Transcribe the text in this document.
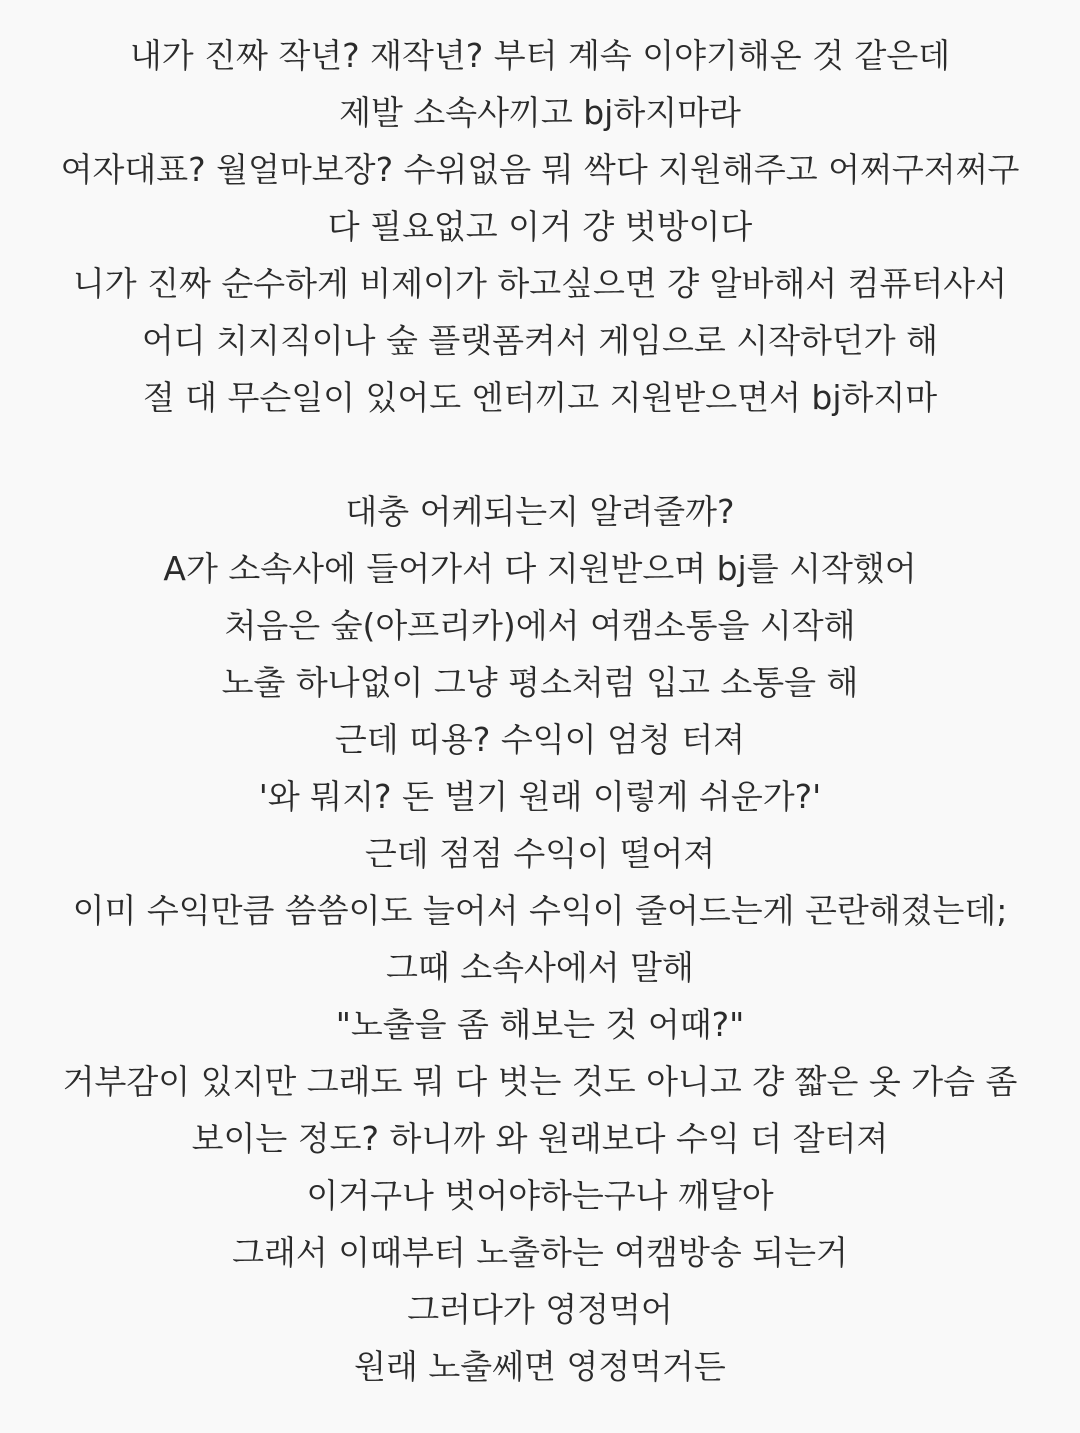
내가 진짜 작년? 재작년? 부터 계속 이야기해온 것 같은데
제발 소속사끼고 bj하지마라
여자대표? 월얼마보장? 수위없음 뭐 싹다 지원해주고 어쩌구저쩌구
다 필요없고 이거 걍 벗방이다
니가 진짜 순수하게 비제이가 하고싶으면 걍 알바해서 컴퓨터사서
어디 치지직이나 숲 플랫폼켜서 게임으로 시작하던가 해
절 대 무슨일이 있어도 엔터끼고 지원받으면서 bj하지마
대충 어케되는지 알려줄까?
A가 소속사에 들어가서 다 지원받으며 bj를 시작했어
처음은 숲(아프리카)에서 여캠소통을 시작해
노출 하나없이 그냥 평소처럼 입고 소통을 해
근데 띠용? 수익이 엄청 터져
'와 뭐지? 돈 벌기 원래 이렇게 쉬운가?'
근데 점점 수익이 떨어져
이미 수익만큼 씀씀이도 늘어서 수익이 줄어드는게 곤란해졌는데;
그때 소속사에서 말해
"노출을 좀 해보는 것 어때?"
거부감이 있지만 그래도 뭐 다 벗는 것도 아니고 걍 짧은 옷 가슴 좀
보이는 정도? 하니까 와 원래보다 수익 더 잘터져
이거구나 벗어야하는구나 깨달아
그래서 이때부터 노출하는 여캠방송 되는거
그러다가 영정먹어
원래 노출쎄면 영정먹거든
